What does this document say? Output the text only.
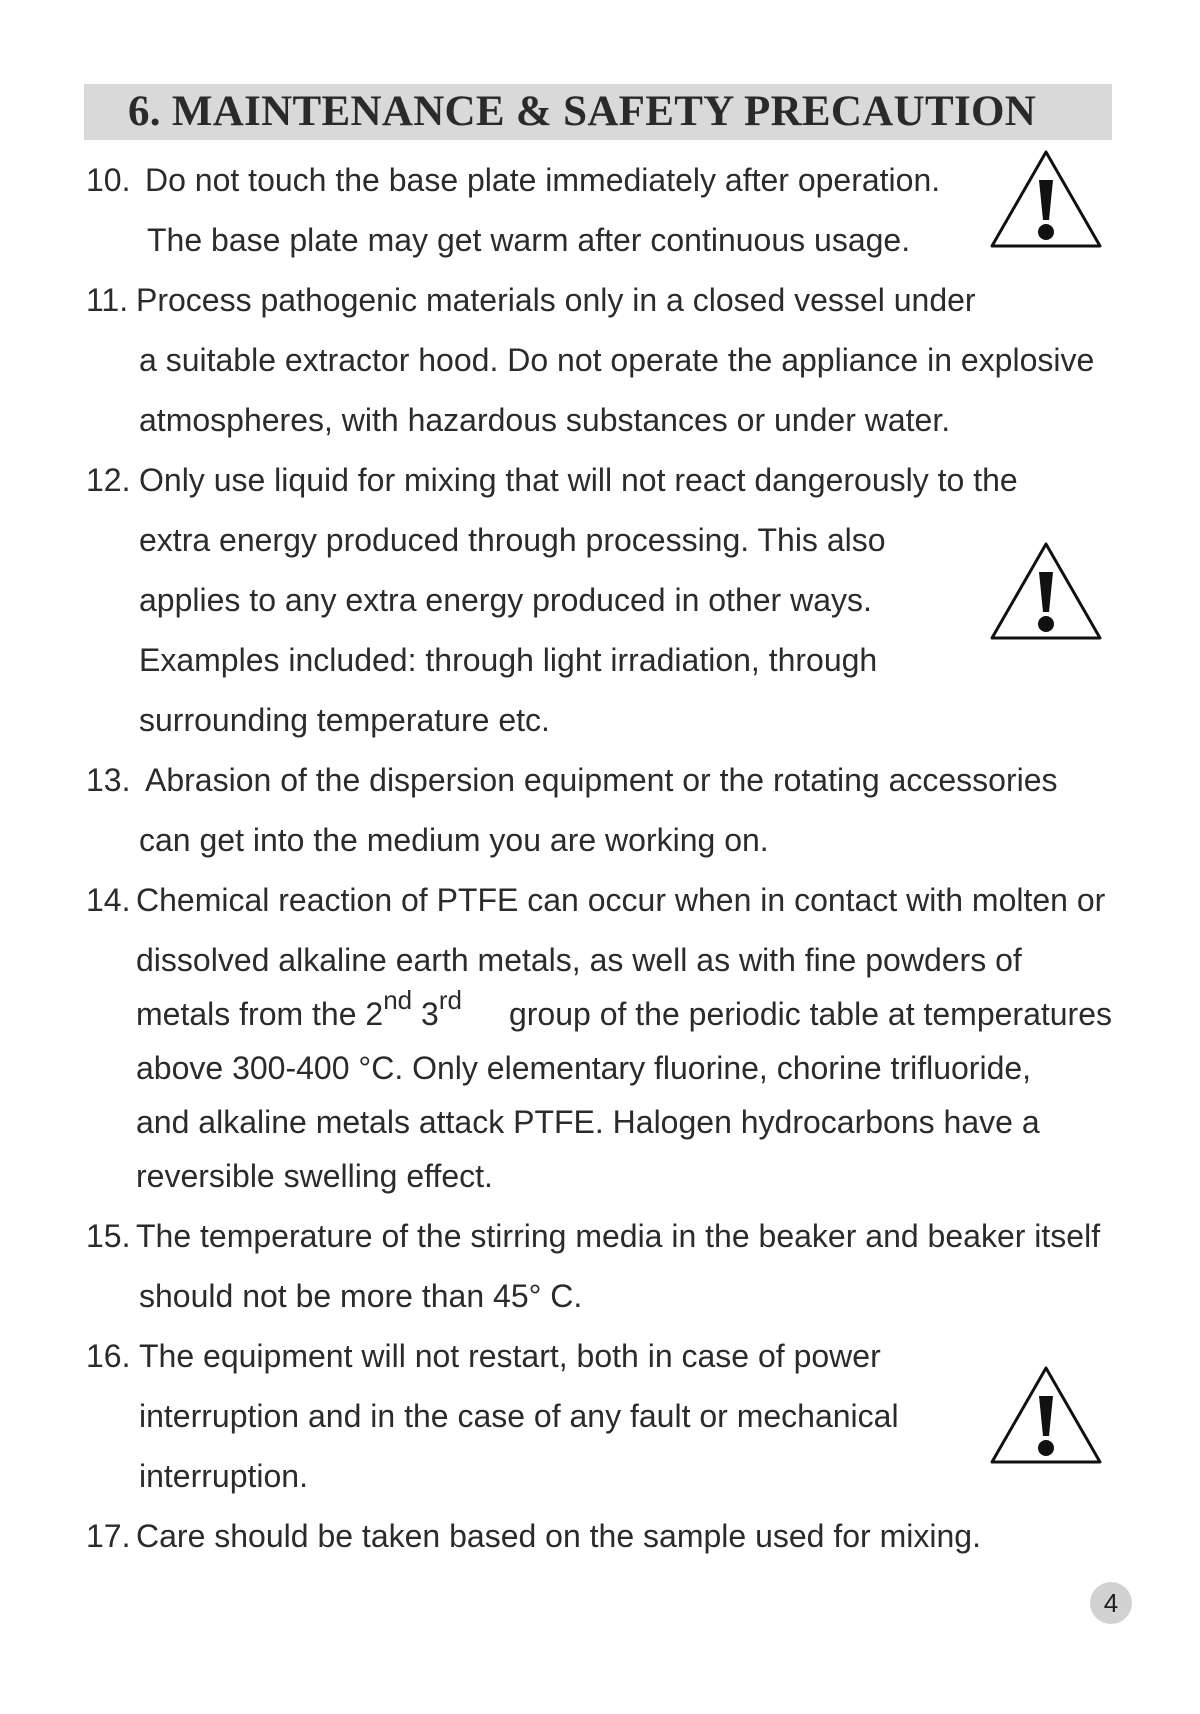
6. MAINTENANCE & SAFETY PRECAUTION
10. Do not touch the base plate immediately after operation.
The base plate may get warm after continuous usage.
11. Process pathogenic materials only in a closed vessel under
a suitable extractor hood. Do not operate the appliance in explosive
atmospheres, with hazardous substances or under water.
12. Only use liquid for mixing that will not react dangerously to the
extra energy produced through processing. This also
applies to any extra energy produced in other ways.
Examples included: through light irradiation, through
surrounding temperature etc.
13. Abrasion of the dispersion equipment or the rotating accessories
can get into the medium you are working on.
14. Chemical reaction of PTFE can occur when in contact with molten or
dissolved alkaline earth metals, as well as with fine powders of
metals from the 2nd 3rd group of the periodic table at temperatures
above 300-400 °C. Only elementary fluorine, chorine trifluoride,
and alkaline metals attack PTFE. Halogen hydrocarbons have a
reversible swelling effect.
15. The temperature of the stirring media in the beaker and beaker itself
should not be more than 45° C.
16. The equipment will not restart, both in case of power
interruption and in the case of any fault or mechanical
interruption.
17. Care should be taken based on the sample used for mixing.
4
